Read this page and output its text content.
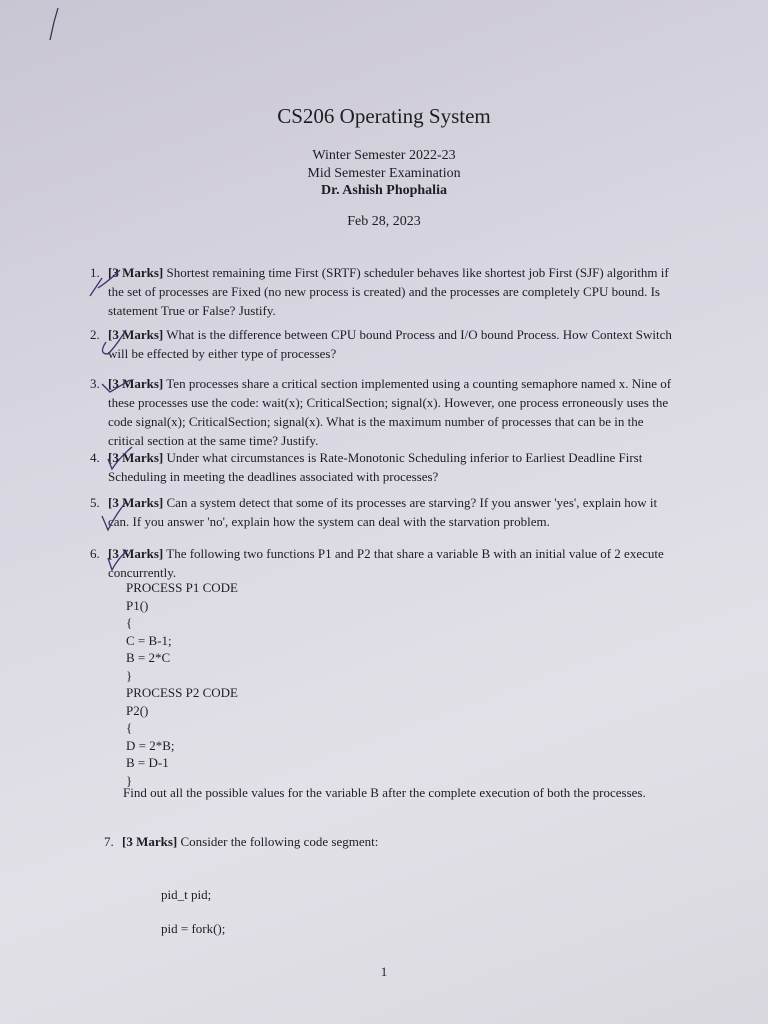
CS206 Operating System
Winter Semester 2022-23
Mid Semester Examination
Dr. Ashish Phophalia
Feb 28, 2023
1. [3 Marks] Shortest remaining time First (SRTF) scheduler behaves like shortest job First (SJF) algorithm if the set of processes are Fixed (no new process is created) and the processes are completely CPU bound. Is statement True or False? Justify.

2. [3 Marks] What is the difference between CPU bound Process and I/O bound Process. How Context Switch will be effected by either type of processes?

3. [3 Marks] Ten processes share a critical section implemented using a counting semaphore named x. Nine of these processes use the code: wait(x); CriticalSection; signal(x). However, one process erroneously uses the code signal(x); CriticalSection; signal(x). What is the maximum number of processes that can be in the critical section at the same time? Justify.

4. [3 Marks] Under what circumstances is Rate-Monotonic Scheduling inferior to Earliest Deadline First Scheduling in meeting the deadlines associated with processes?

5. [3 Marks] Can a system detect that some of its processes are starving? If you answer 'yes', explain how it can. If you answer 'no', explain how the system can deal with the starvation problem.

6. [3 Marks] The following two functions P1 and P2 that share a variable B with an initial value of 2 execute concurrently.

PROCESS P1 CODE
P1()
{
C = B-1;
B = 2*C
}
PROCESS P2 CODE
P2()
{
D = 2*B;
B = D-1
}
Find out all the possible values for the variable B after the complete execution of both the processes.
7. [3 Marks] Consider the following code segment:

pid_t pid;
pid = fork();
1
